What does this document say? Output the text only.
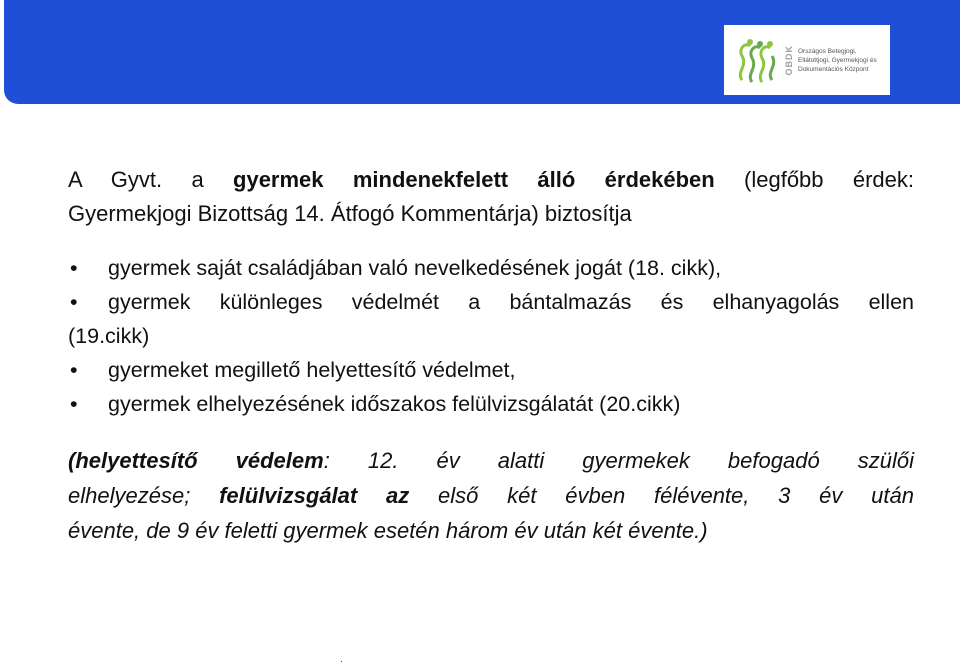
OBDK Országos Betegjogi,
Ellátottjogi, Gyermekjogi és
Dokumentációs Központ

A Gyvt. a gyermek mindenekfelett álló érdekében (legfőbb érdek:

Gyermekjogi Bizottság 14. Átfogó Kommentárja) biztosítja

• gyermek saját családjában való nevelkedésének jogát (18. cikk),
• gyermek különleges védelmét a bántalmazás és elhanyagolás ellen

(19.cikk)

• gyermeket megillető helyettesítő védelmet,
• gyermek elhelyezésének időszakos felülvizsgálatát (20.cikk)
(helyettesítő védelem: 12. év alatti gyermekek befogadó szülői
elhelyezése; felülvizsgálat az első két évben félévente, 3 év után
évente, de 9 év feletti gyermek esetén három év után két évente.)
.
